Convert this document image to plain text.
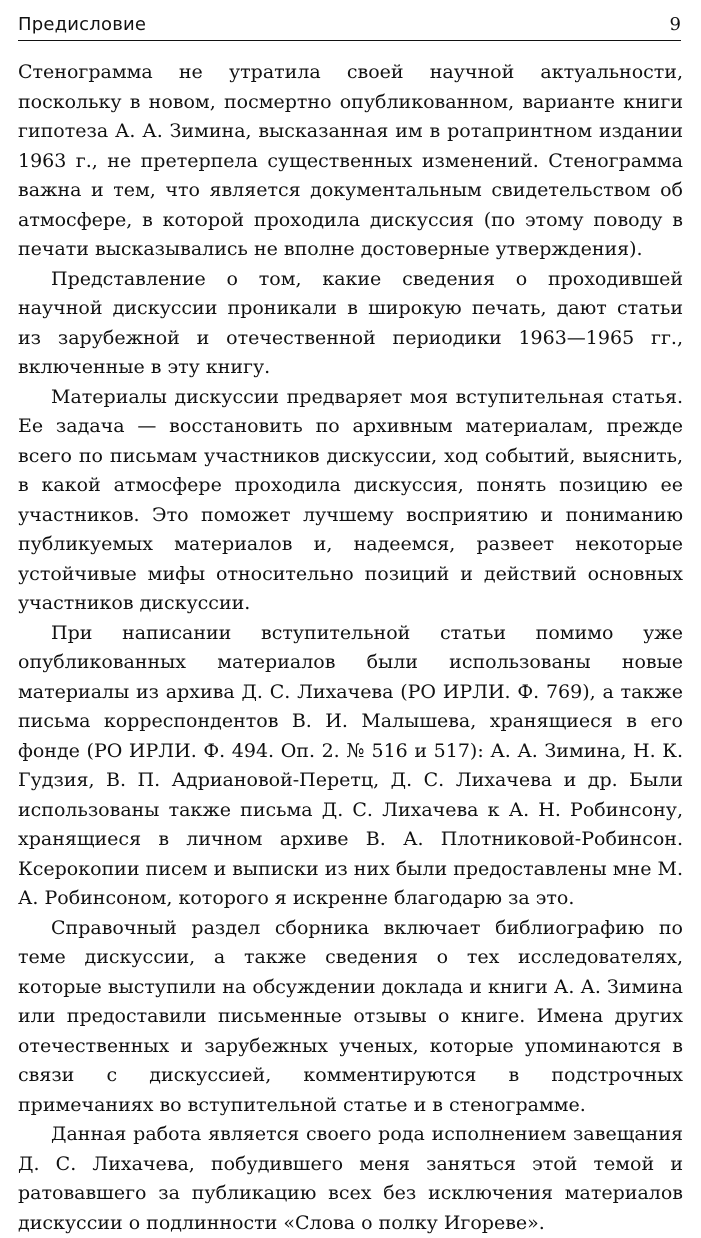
Предисловие	9

Стенограмма не утратила своей научной актуальности, поскольку в новом, посмертно опубликованном, варианте книги гипотеза А. А. Зимина, высказанная им в ротапринтном издании 1963 г., не претерпела существенных изменений. Стенограмма важна и тем, что является документальным свидетельством об атмосфере, в которой проходила дискуссия (по этому поводу в печати высказывались не вполне достоверные утверждения).

Представление о том, какие сведения о проходившей научной дискуссии проникали в широкую печать, дают статьи из зарубежной и отечественной периодики 1963—1965 гг., включенные в эту книгу.

Материалы дискуссии предваряет моя вступительная статья. Ее задача — восстановить по архивным материалам, прежде всего по письмам участников дискуссии, ход событий, выяснить, в какой атмосфере проходила дискуссия, понять позицию ее участников. Это поможет лучшему восприятию и пониманию публикуемых материалов и, надеемся, развеет некоторые устойчивые мифы относительно позиций и действий основных участников дискуссии.

При написании вступительной статьи помимо уже опубликованных материалов были использованы новые материалы из архива Д. С. Лихачева (РО ИРЛИ. Ф. 769), а также письма корреспондентов В. И. Малышева, хранящиеся в его фонде (РО ИРЛИ. Ф. 494. Оп. 2. № 516 и 517): А. А. Зимина, Н. К. Гудзия, В. П. Адриановой-Перетц, Д. С. Лихачева и др. Были использованы также письма Д. С. Лихачева к А. Н. Робинсону, хранящиеся в личном архиве В. А. Плотниковой-Робинсон. Ксерокопии писем и выписки из них были предоставлены мне М. А. Робинсоном, которого я искренне благодарю за это.

Справочный раздел сборника включает библиографию по теме дискуссии, а также сведения о тех исследователях, которые выступили на обсуждении доклада и книги А. А. Зимина или предоставили письменные отзывы о книге. Имена других отечественных и зарубежных ученых, которые упоминаются в связи с дискуссией, комментируются в подстрочных примечаниях во вступительной статье и в стенограмме.

Данная работа является своего рода исполнением завещания Д. С. Лихачева, побудившего меня заняться этой темой и ратовавшего за публикацию всех без исключения материалов дискуссии о подлинности «Слова о полку Игореве».
